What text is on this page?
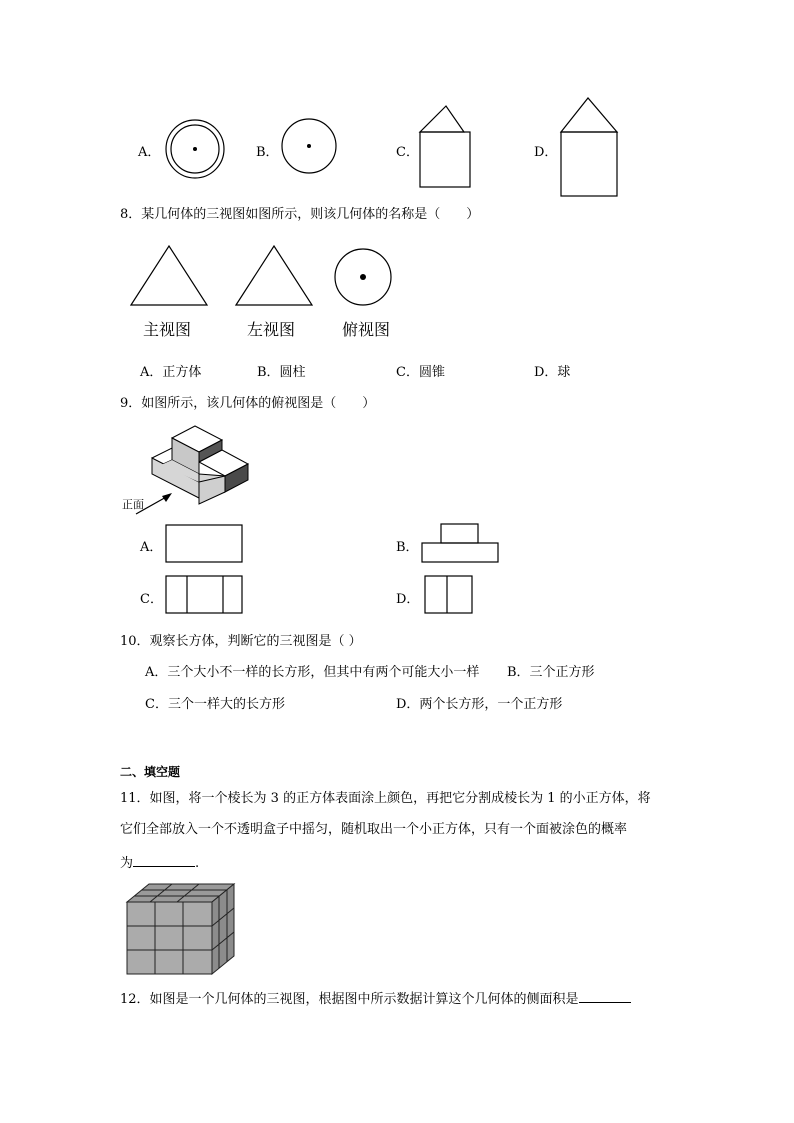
A．	B．	C．	D．
8．某几何体的三视图如图所示，则该几何体的名称是（　　）
主视图	左视图	俯视图
A．正方体	B．圆柱	C．圆锥	D．球
9．如图所示，该几何体的俯视图是（　　）
正面
A．	B．
C．	D．
10．观察长方体，判断它的三视图是（ ）
A．三个大小不一样的长方形，但其中有两个可能大小一样 B．三个正方形
C．三个一样大的长方形	D．两个长方形，一个正方形
二、填空题
11．如图，将一个棱长为 3 的正方体表面涂上颜色，再把它分割成棱长为 1 的小正方体，将
它们全部放入一个不透明盒子中摇匀，随机取出一个小正方体，只有一个面被涂色的概率
为	.
12．如图是一个几何体的三视图，根据图中所示数据计算这个几何体的侧面积是
